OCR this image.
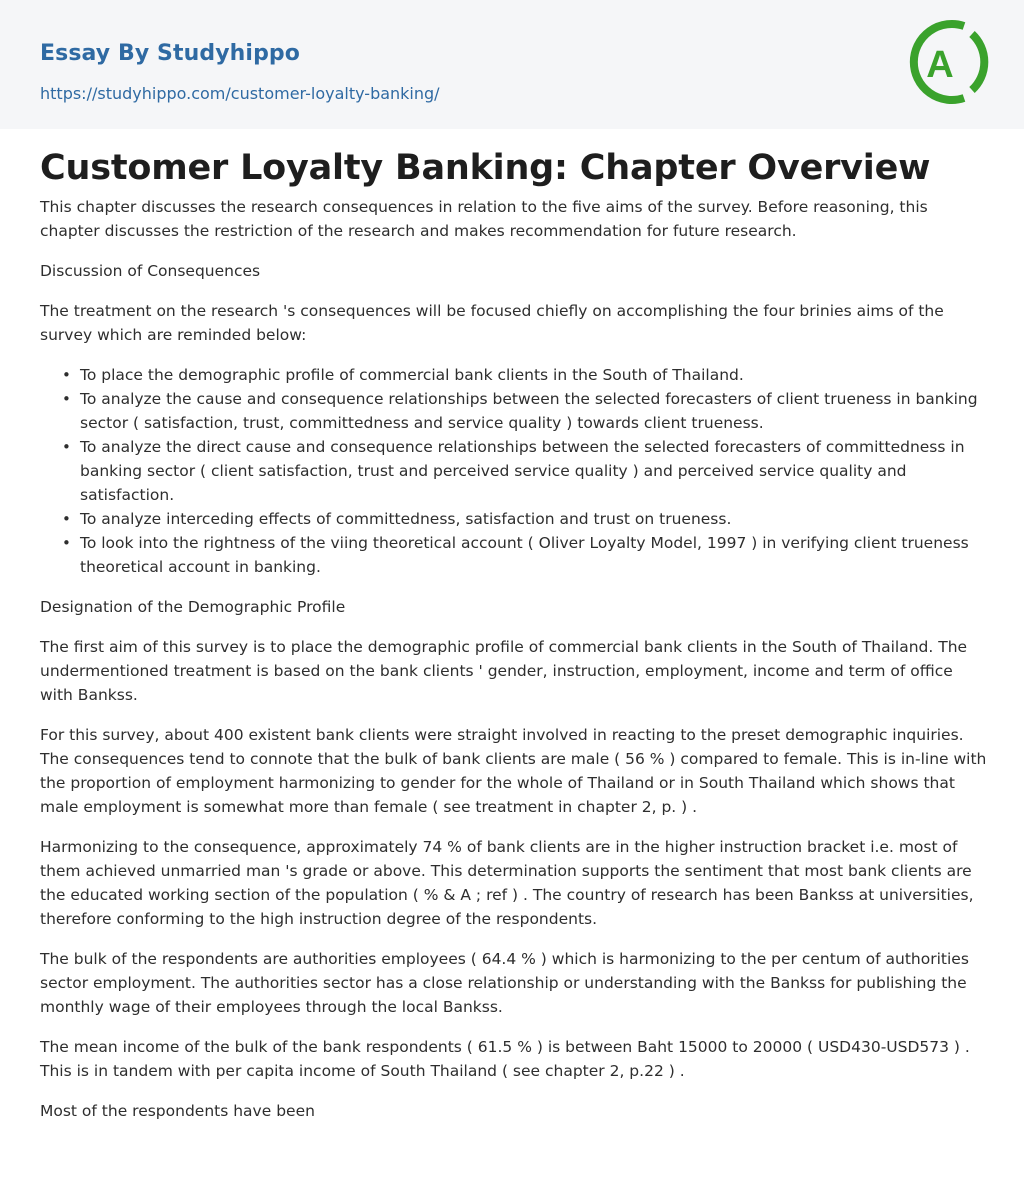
Essay By Studyhippo
https://studyhippo.com/customer-loyalty-banking/
A
Customer Loyalty Banking: Chapter Overview

This chapter discusses the research consequences in relation to the five aims of the survey. Before reasoning, this chapter discusses the restriction of the research and makes recommendation for future research.

Discussion of Consequences

The treatment on the research 's consequences will be focused chiefly on accomplishing the four brinies aims of the survey which are reminded below:

• To place the demographic profile of commercial bank clients in the South of Thailand.
• To analyze the cause and consequence relationships between the selected forecasters of client trueness in banking sector ( satisfaction, trust, committedness and service quality ) towards client trueness.
• To analyze the direct cause and consequence relationships between the selected forecasters of committedness in banking sector ( client satisfaction, trust and perceived service quality ) and perceived service quality and satisfaction.
• To analyze interceding effects of committedness, satisfaction and trust on trueness.
• To look into the rightness of the viing theoretical account ( Oliver Loyalty Model, 1997 ) in verifying client trueness theoretical account in banking.

Designation of the Demographic Profile

The first aim of this survey is to place the demographic profile of commercial bank clients in the South of Thailand. The undermentioned treatment is based on the bank clients ' gender, instruction, employment, income and term of office with Bankss.

For this survey, about 400 existent bank clients were straight involved in reacting to the preset demographic inquiries. The consequences tend to connote that the bulk of bank clients are male ( 56 % ) compared to female. This is in-line with the proportion of employment harmonizing to gender for the whole of Thailand or in South Thailand which shows that male employment is somewhat more than female ( see treatment in chapter 2, p. ) .

Harmonizing to the consequence, approximately 74 % of bank clients are in the higher instruction bracket i.e. most of them achieved unmarried man 's grade or above. This determination supports the sentiment that most bank clients are the educated working section of the population ( % & A ; ref ) . The country of research has been Bankss at universities, therefore conforming to the high instruction degree of the respondents.

The bulk of the respondents are authorities employees ( 64.4 % ) which is harmonizing to the per centum of authorities sector employment. The authorities sector has a close relationship or understanding with the Bankss for publishing the monthly wage of their employees through the local Bankss.

The mean income of the bulk of the bank respondents ( 61.5 % ) is between Baht 15000 to 20000 ( USD430-USD573 ) . This is in tandem with per capita income of South Thailand ( see chapter 2, p.22 ) .

Most of the respondents have been
